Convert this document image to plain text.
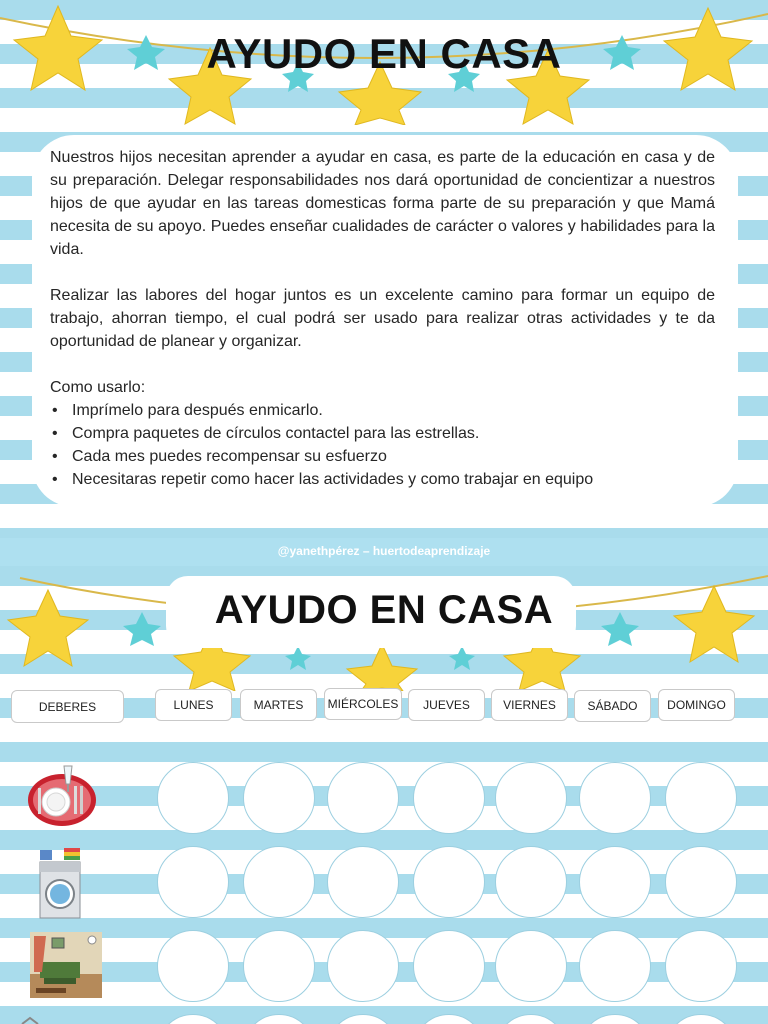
AYUDO EN CASA

Nuestros hijos necesitan aprender a ayudar en casa, es parte de la educación en casa y de su preparación. Delegar responsabilidades nos dará oportunidad de concientizar a nuestros hijos de que ayudar en las tareas domesticas forma parte de su preparación y que Mamá necesita de su apoyo. Puedes enseñar cualidades de carácter o valores y habilidades para la vida.

Realizar las labores del hogar juntos es un excelente camino para formar un equipo de trabajo, ahorran tiempo, el cual podrá ser usado para realizar otras actividades y te da oportunidad de planear y organizar.

Como usarlo:

• Imprímelo para después enmicarlo.
• Compra paquetes de círculos contactel para las estrellas.
• Cada mes puedes recompensar su esfuerzo
• Necesitaras repetir como hacer las actividades y como trabajar en equipo
@yanethpérez – huertodeaprendizaje
AYUDO EN CASA
DEBERES	LUNES	MARTES	MIÉRCOLES	JUEVES	VIERNES	SÁBADO	DOMINGO
